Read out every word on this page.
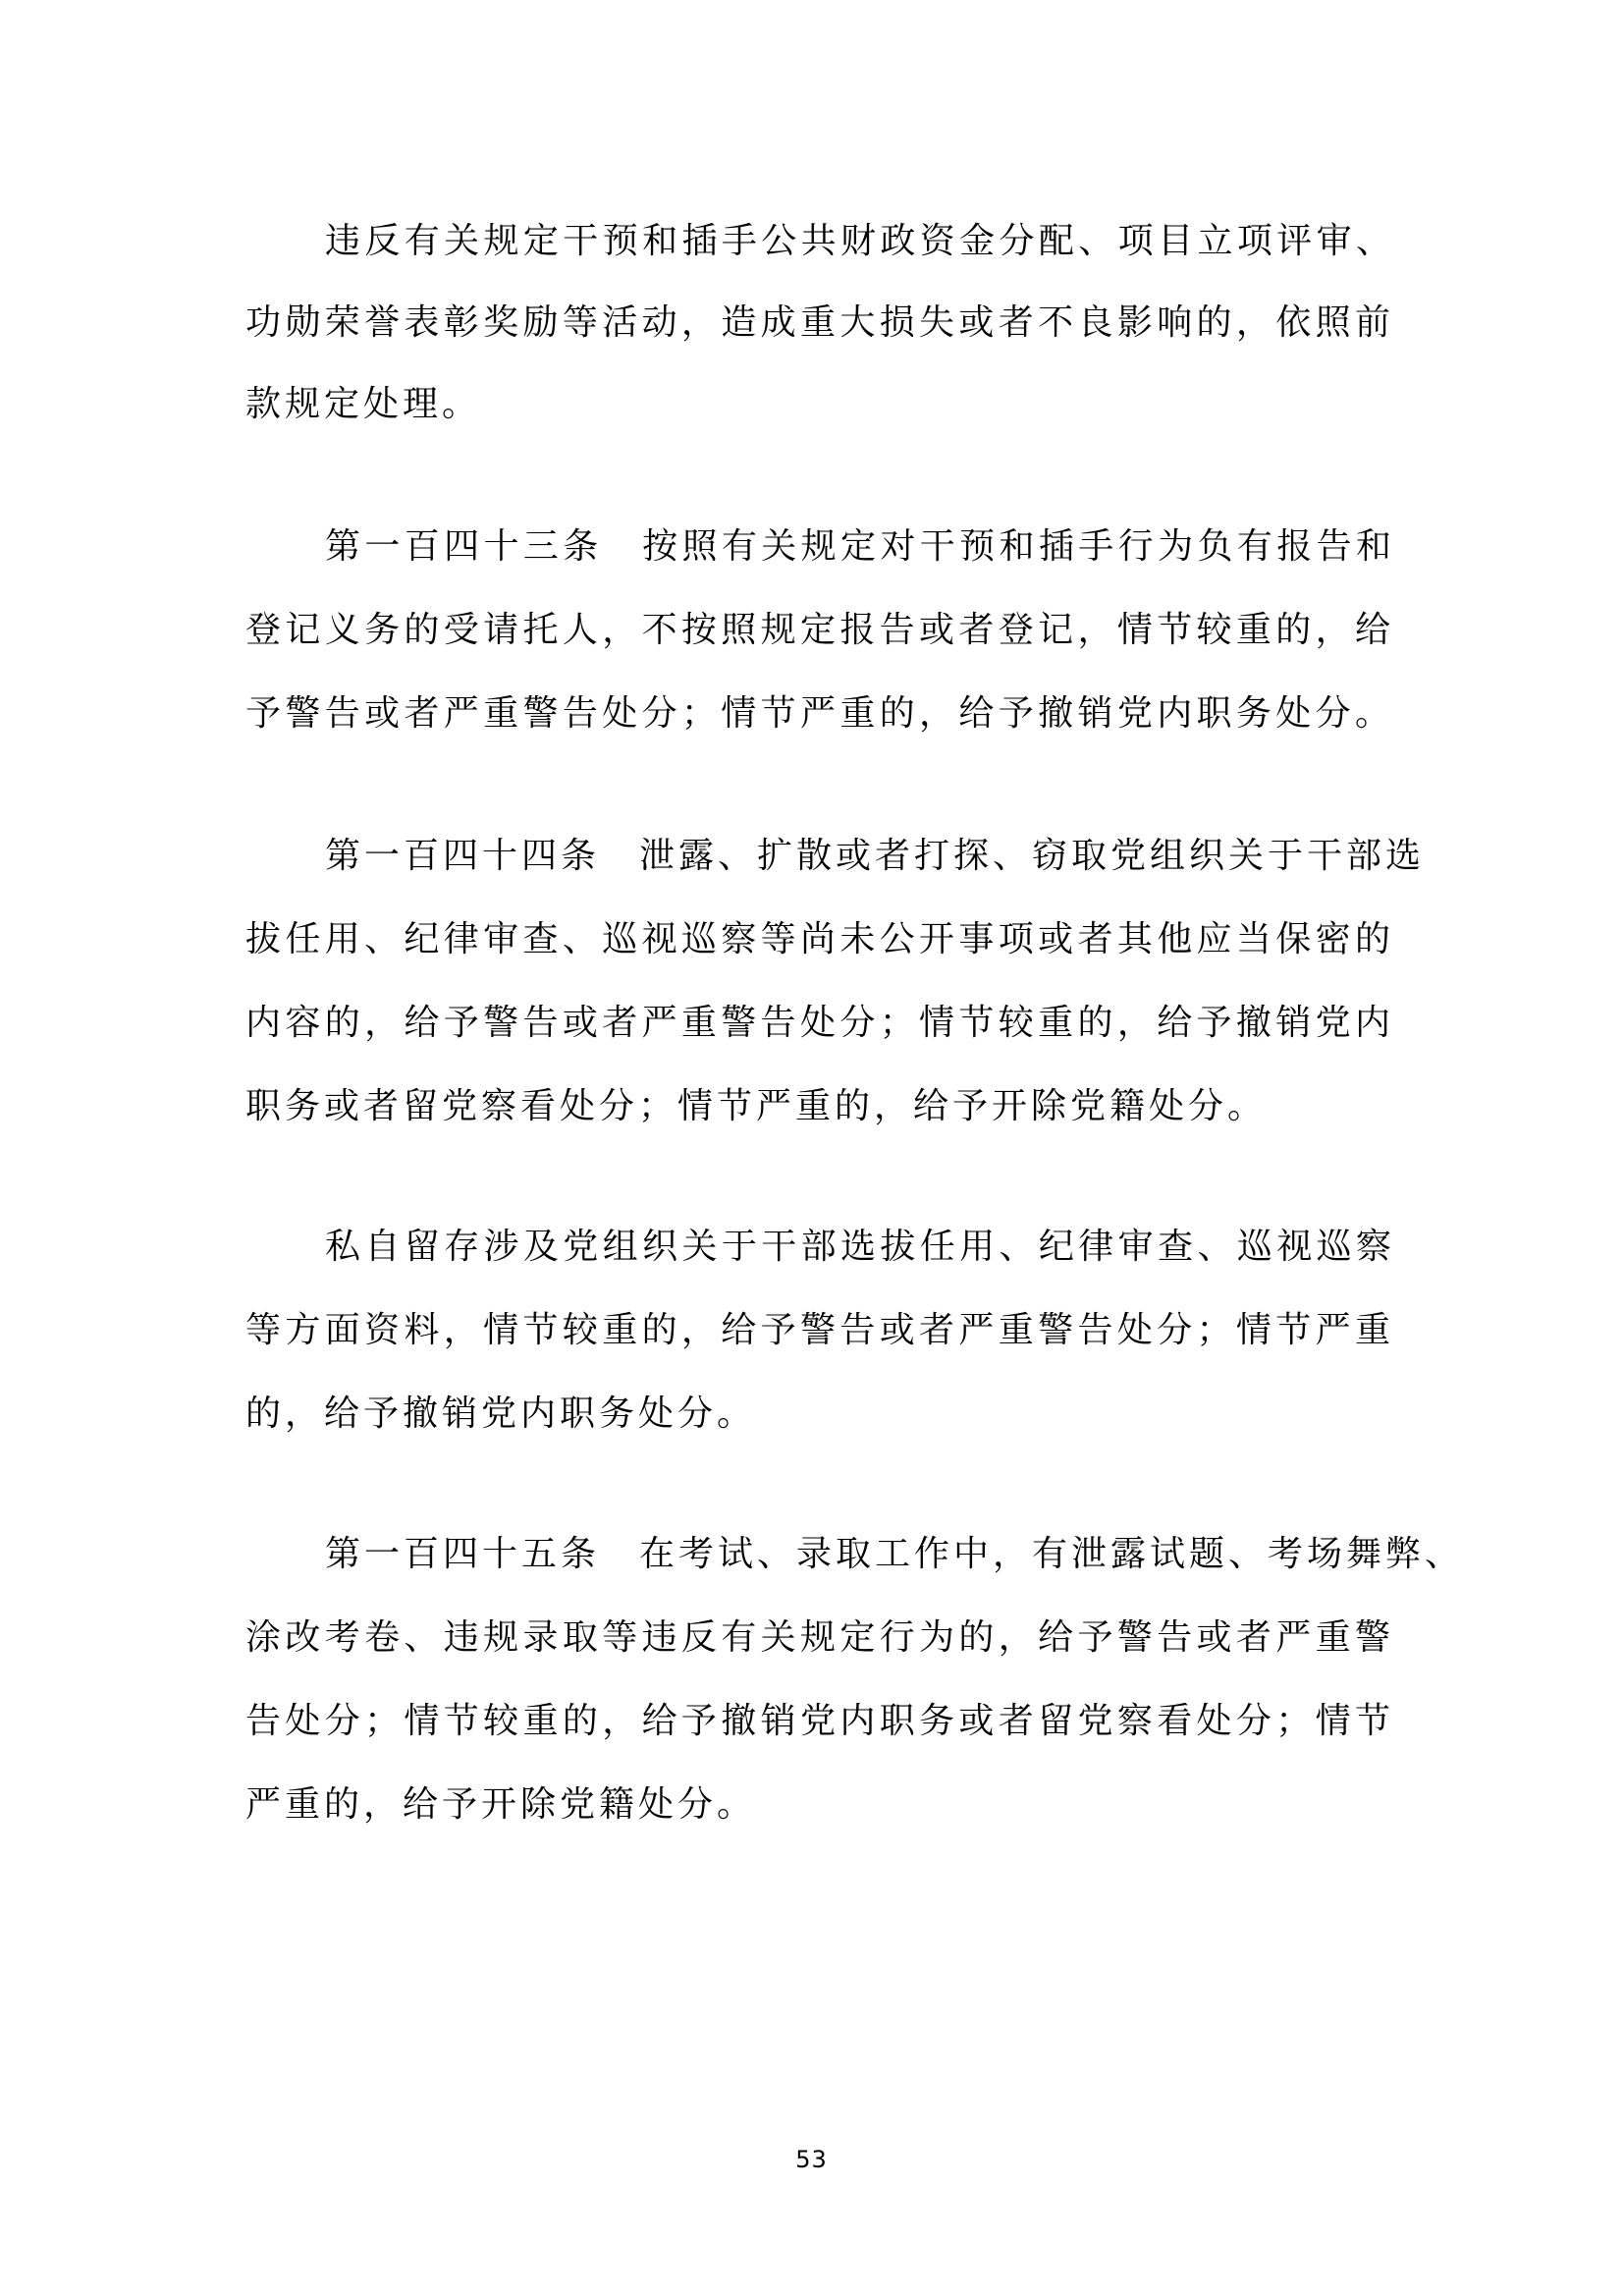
违反有关规定干预和插手公共财政资金分配、项目立项评审、
功勋荣誉表彰奖励等活动，造成重大损失或者不良影响的，依照前
款规定处理。
第一百四十三条　按照有关规定对干预和插手行为负有报告和
登记义务的受请托人，不按照规定报告或者登记，情节较重的，给
予警告或者严重警告处分；情节严重的，给予撤销党内职务处分。
第一百四十四条　泄露、扩散或者打探、窃取党组织关于干部选
拔任用、纪律审查、巡视巡察等尚未公开事项或者其他应当保密的
内容的，给予警告或者严重警告处分；情节较重的，给予撤销党内
职务或者留党察看处分；情节严重的，给予开除党籍处分。
私自留存涉及党组织关于干部选拔任用、纪律审查、巡视巡察
等方面资料，情节较重的，给予警告或者严重警告处分；情节严重
的，给予撤销党内职务处分。
第一百四十五条　在考试、录取工作中，有泄露试题、考场舞弊、
涂改考卷、违规录取等违反有关规定行为的，给予警告或者严重警
告处分；情节较重的，给予撤销党内职务或者留党察看处分；情节
严重的，给予开除党籍处分。
53
